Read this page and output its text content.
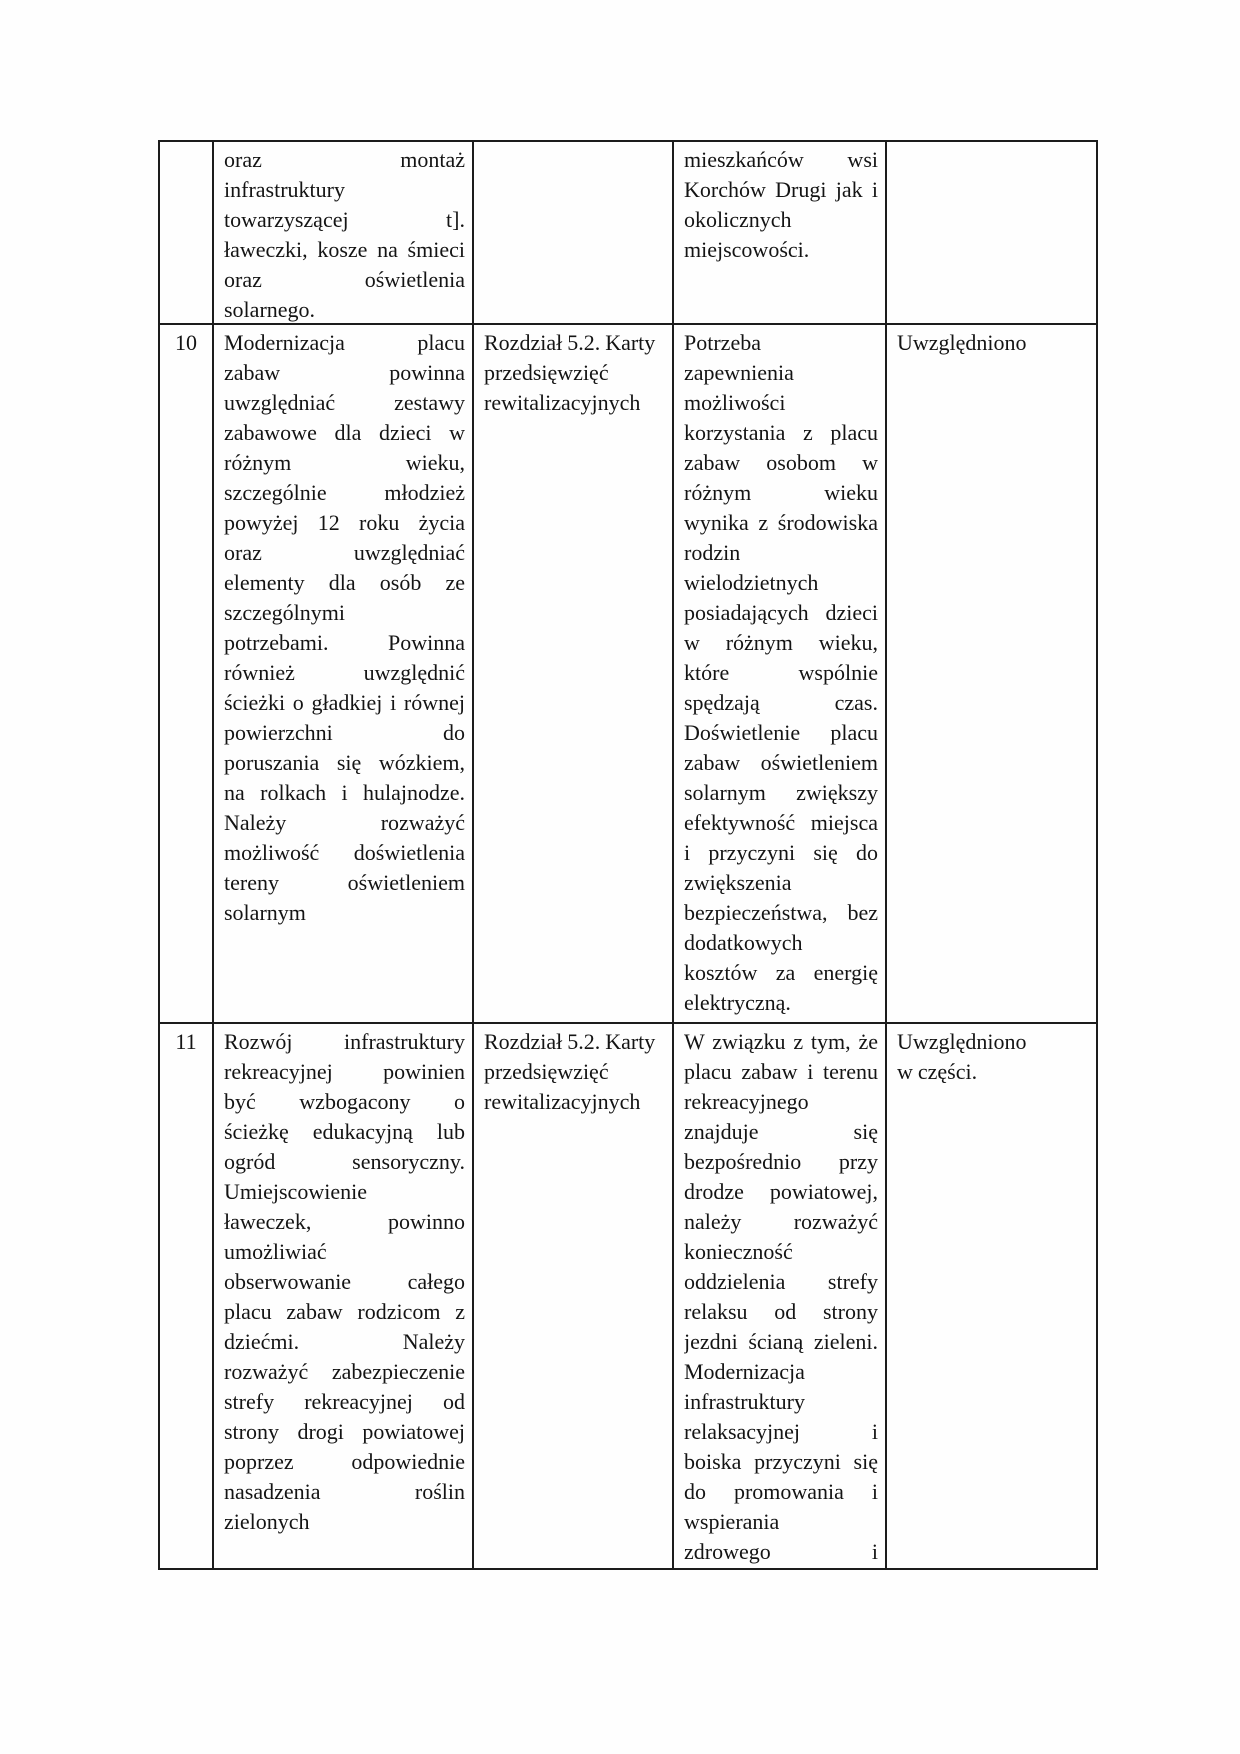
oraz montaż
infrastruktury
towarzyszącej t].
ławeczki, kosze na śmieci
oraz oświetlenia
solarnego.
mieszkańców wsi
Korchów Drugi jak i
okolicznych
miejscowości.
10	Modernizacja placu
zabaw powinna
uwzględniać zestawy
zabawowe dla dzieci w
różnym wieku,
szczególnie młodzież
powyżej 12 roku życia
oraz uwzględniać
elementy dla osób ze
szczególnymi
potrzebami. Powinna
również uwzględnić
ścieżki o gładkiej i równej
powierzchni do
poruszania się wózkiem,
na rolkach i hulajnodze.
Należy rozważyć
możliwość doświetlenia
tereny oświetleniem
solarnym
Rozdział 5.2. Karty
przedsięwzięć
rewitalizacyjnych
Potrzeba
zapewnienia
możliwości
korzystania z placu
zabaw osobom w
różnym wieku
wynika z środowiska
rodzin
wielodzietnych
posiadających dzieci
w różnym wieku,
które wspólnie
spędzają czas.
Doświetlenie placu
zabaw oświetleniem
solarnym zwiększy
efektywność miejsca
i przyczyni się do
zwiększenia
bezpieczeństwa, bez
dodatkowych
kosztów za energię
elektryczną.
Uwzględniono
11	Rozwój infrastruktury
rekreacyjnej powinien
być wzbogacony o
ścieżkę edukacyjną lub
ogród sensoryczny.
Umiejscowienie
ławeczek, powinno
umożliwiać
obserwowanie całego
placu zabaw rodzicom z
dziećmi. Należy
rozważyć zabezpieczenie
strefy rekreacyjnej od
strony drogi powiatowej
poprzez odpowiednie
nasadzenia roślin
zielonych
Rozdział 5.2. Karty
przedsięwzięć
rewitalizacyjnych
W związku z tym, że
placu zabaw i terenu
rekreacyjnego
znajduje się
bezpośrednio przy
drodze powiatowej,
należy rozważyć
konieczność
oddzielenia strefy
relaksu od strony
jezdni ścianą zieleni.
Modernizacja
infrastruktury
relaksacyjnej i
boiska przyczyni się
do promowania i
wspierania
zdrowego i
Uwzględniono
w części.
